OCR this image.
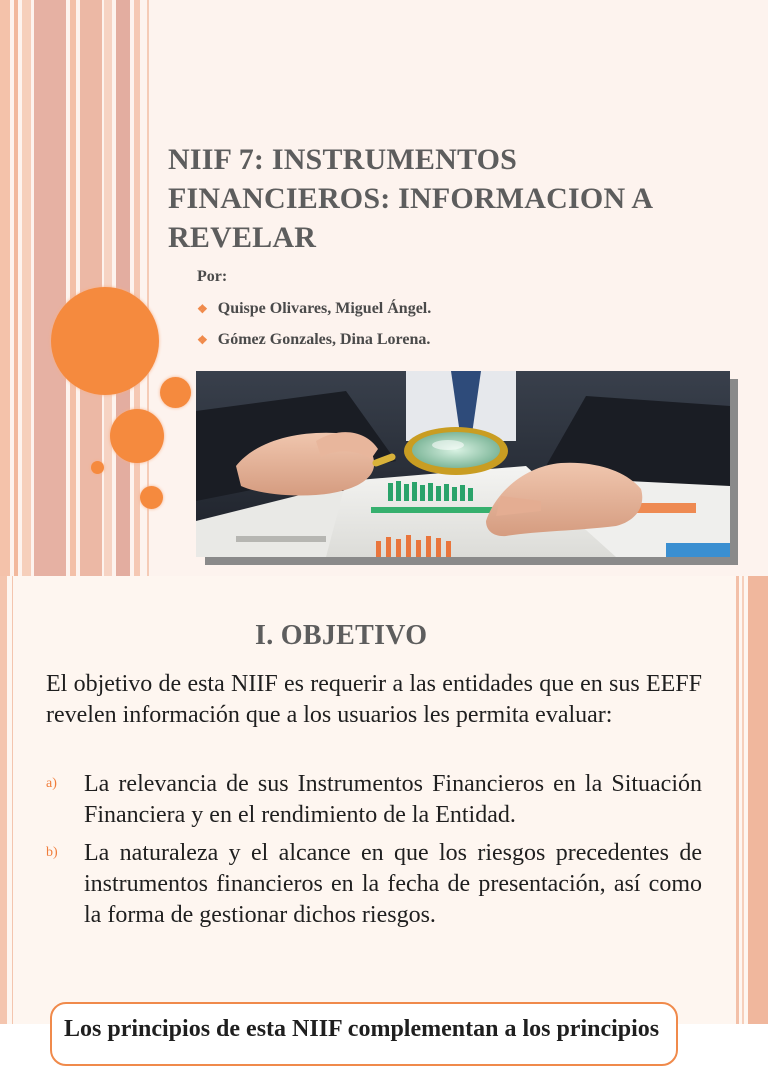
NIIF 7: INSTRUMENTOS FINANCIEROS: INFORMACION A REVELAR

Por:

❖ Quispe Olivares, Miguel Ángel.
❖ Gómez Gonzales, Dina Lorena.
I. OBJETIVO

El objetivo de esta NIIF es requerir a las entidades que en sus EEFF revelen información que a los usuarios les permita evaluar:

a)	La relevancia de sus Instrumentos Financieros en la Situación Financiera y en el rendimiento de la Entidad.

b)	La naturaleza y el alcance en que los riesgos precedentes de instrumentos financieros en la fecha de presentación, así como la forma de gestionar dichos riesgos.

Los principios de esta NIIF complementan a los principios
